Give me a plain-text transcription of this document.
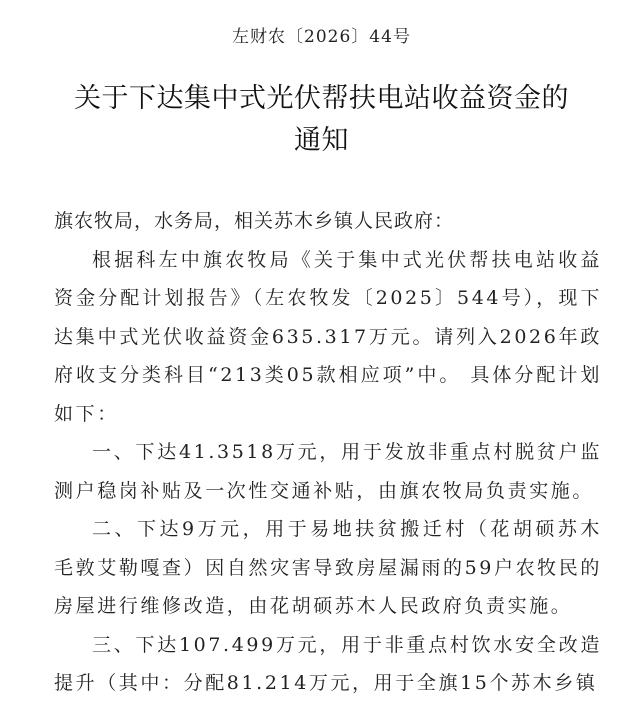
左财农〔2026〕44号
关于下达集中式光伏帮扶电站收益资金的
通知

旗农牧局，水务局，相关苏木乡镇人民政府：

根据科左中旗农牧局《关于集中式光伏帮扶电站收益资金分配计划报告》（左农牧发〔2025〕544号），现下达集中式光伏收益资金635.317万元。请列入2026年政府收支分类科目“213类05款相应项”中。 具体分配计划如下：

一、下达41.3518万元，用于发放非重点村脱贫户监测户稳岗补贴及一次性交通补贴，由旗农牧局负责实施。

二、下达9万元，用于易地扶贫搬迁村（花胡硕苏木毛敦艾勒嘎查）因自然灾害导致房屋漏雨的59户农牧民的房屋进行维修改造，由花胡硕苏木人民政府负责实施。

三、下达107.499万元，用于非重点村饮水安全改造提升（其中：分配81.214万元，用于全旗15个苏木乡镇
